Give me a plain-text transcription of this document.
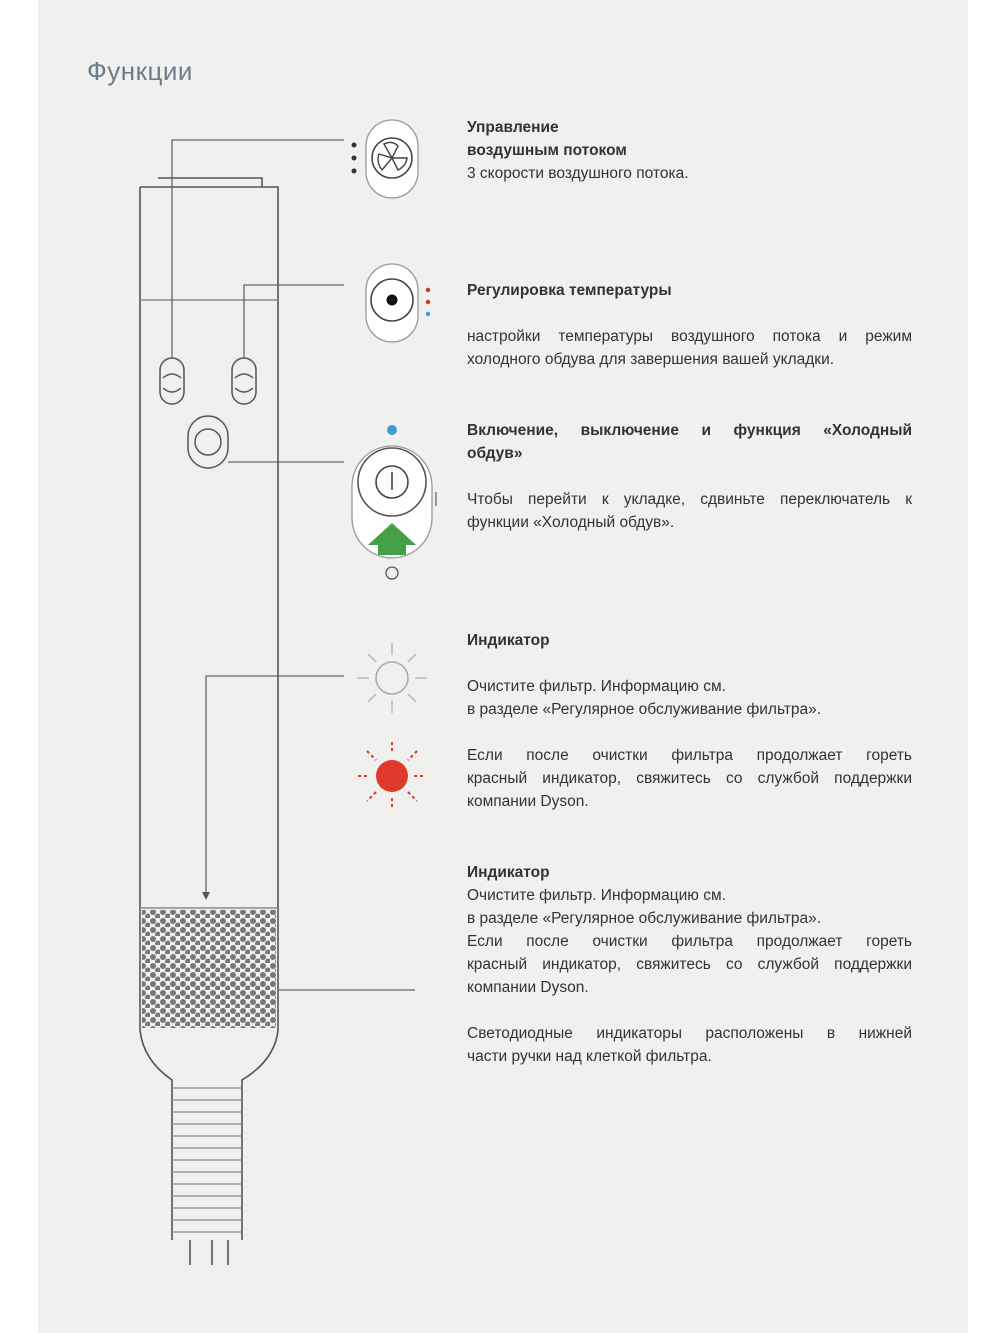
Функции
Управление
воздушным потоком
3 скорости воздушного потока.
Регулировка температуры
настройки температуры воздушного потока и режим
холодного обдува для завершения вашей укладки.
Включение, выключение и функция «Холодный
обдув»
Чтобы перейти к укладке, сдвиньте переключатель к
функции «Холодный обдув».
Индикатор
Очистите фильтр. Информацию см.
в разделе «Регулярное обслуживание фильтра».
Если после очистки фильтра продолжает гореть
красный индикатор, свяжитесь со службой поддержки
компании Dyson.
Индикатор
Очистите фильтр. Информацию см.
в разделе «Регулярное обслуживание фильтра».
Если после очистки фильтра продолжает гореть
красный индикатор, свяжитесь со службой поддержки
компании Dyson.
Светодиодные индикаторы расположены в нижней
части ручки над клеткой фильтра.
